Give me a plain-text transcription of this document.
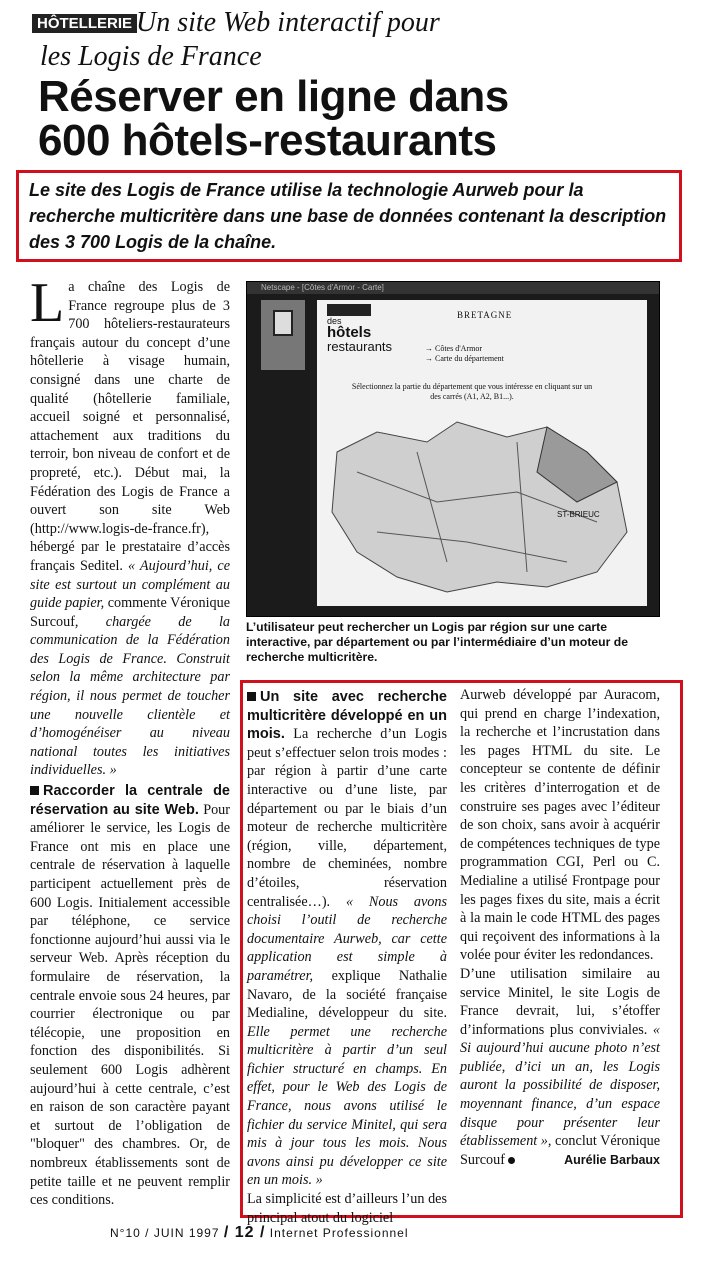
HÔTELLERIE Un site Web interactif pour
les Logis de France
Réserver en ligne dans
600 hôtels-restaurants

Le site des Logis de France utilise la technologie Aurweb pour la recherche multicritère dans une base de données contenant la description des 3 700 Logis de la chaîne.

La chaîne des Logis de France regroupe plus de 3 700 hôteliers-restaurateurs français autour du concept d’une hôtellerie à visage humain, consigné dans une charte de qualité (hôtellerie familiale, accueil soigné et personnalisé, attachement aux traditions du terroir, bon niveau de confort et de propreté, etc.). Début mai, la Fédération des Logis de France a ouvert son site Web (http://www.logis-de-france.fr), hébergé par le prestataire d’accès français Seditel. « Aujourd’hui, ce site est surtout un complément au guide papier, commente Véronique Surcouf, chargée de la communication de la Fédération des Logis de France. Construit selon la même architecture par région, il nous permet de toucher une nouvelle clientèle et d’homogénéiser au niveau national toutes les initiatives individuelles. »

Raccorder la centrale de réservation au site Web. Pour améliorer le service, les Logis de France ont mis en place une centrale de réservation à laquelle participent actuellement près de 600 Logis. Initialement accessible par téléphone, ce service fonctionne aujourd’hui aussi via le serveur Web. Après réception du formulaire de réservation, la centrale envoie sous 24 heures, par courrier électronique ou par télécopie, une proposition en fonction des disponibilités. Si seulement 600 Logis adhèrent aujourd’hui à cette centrale, c’est en raison de son caractère payant et surtout de l’obligation de "bloquer" des chambres. Or, de nombreux établissements sont de petite taille et ne peuvent remplir ces conditions.

Netscape - [Côtes d'Armor - Carte]
des
hôtels
restaurants
BRETAGNE
→ Côtes d'Armor
→ Carte du département
Sélectionnez la partie du département que vous intéresse en cliquant sur un des carrés (A1, A2, B1...).
ST-BRIEUC
L’utilisateur peut rechercher un Logis par région sur une carte interactive, par département ou par l’intermédiaire d’un moteur de recherche multicritère.

Un site avec recherche multicritère développé en un mois. La recherche d’un Logis peut s’effectuer selon trois modes : par région à partir d’une carte interactive ou d’une liste, par département ou par le biais d’un moteur de recherche multicritère (région, ville, département, nombre de cheminées, nombre d’étoiles, réservation centralisée…). « Nous avons choisi l’outil de recherche documentaire Aurweb, car cette application est simple à paramétrer, explique Nathalie Navaro, de la société française Medialine, développeur du site. Elle permet une recherche multicritère à partir d’un seul fichier structuré en champs. En effet, pour le Web des Logis de France, nous avons utilisé le fichier du service Minitel, qui sera mis à jour tous les mois. Nous avons ainsi pu développer ce site en un mois. »

La simplicité est d’ailleurs l’un des principal atout du logiciel

Aurweb développé par Auracom, qui prend en charge l’indexation, la recherche et l’incrustation dans les pages HTML du site. Le concepteur se contente de définir les critères d’interrogation et de construire ses pages avec l’éditeur de son choix, sans avoir à acquérir de compétences techniques de type programmation CGI, Perl ou C. Medialine a utilisé Frontpage pour les pages fixes du site, mais a écrit à la main le code HTML des pages qui reçoivent des informations à la volée pour éviter les redondances.

D’une utilisation similaire au service Minitel, le site Logis de France devrait, lui, s’étoffer d’informations plus conviviales. « Si aujourd’hui aucune photo n’est publiée, d’ici un an, les Logis auront la possibilité de disposer, moyennant finance, d’un espace disque pour présenter leur établissement », conclut Véronique Surcouf	Aurélie Barbaux

N°10 / JUIN 1997 / 12 / Internet Professionnel
